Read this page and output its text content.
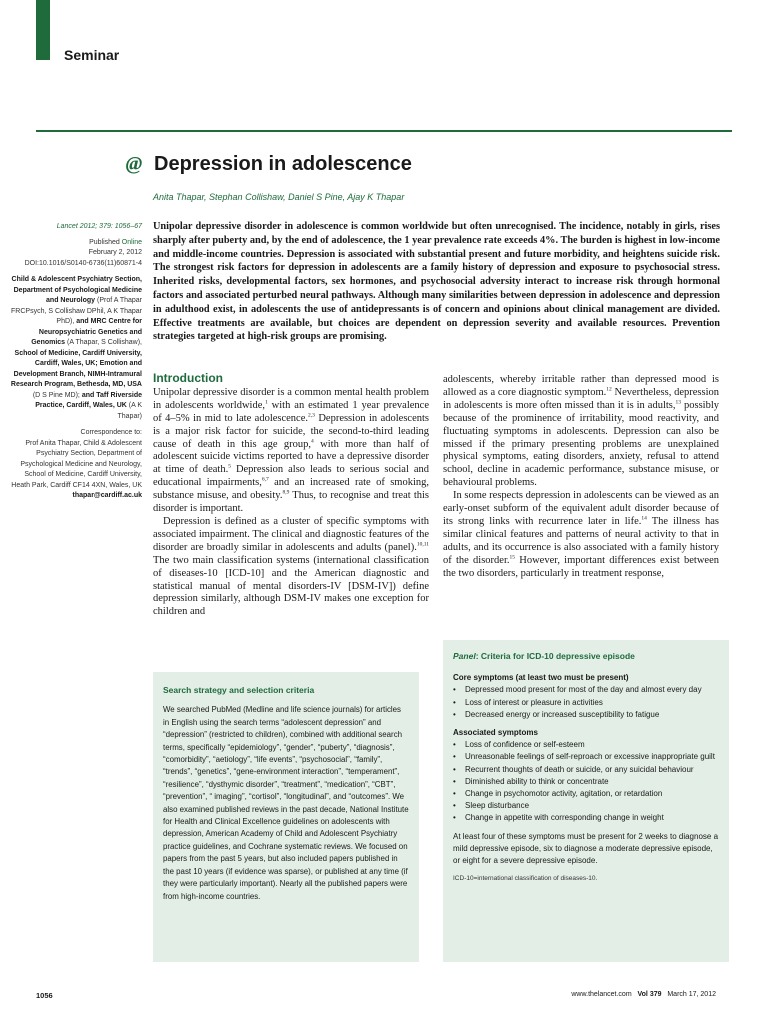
Seminar
@ Depression in adolescence
Anita Thapar, Stephan Collishaw, Daniel S Pine, Ajay K Thapar
Lancet 2012; 379: 1056–67
Published Online
February 2, 2012
DOI:10.1016/S0140-6736(11)60871-4
Child & Adolescent Psychiatry Section, Department of Psychological Medicine and Neurology (Prof A Thapar FRCPsych, S Collishaw DPhil, A K Thapar PhD), and MRC Centre for Neuropsychiatric Genetics and Genomics (A Thapar, S Collishaw), School of Medicine, Cardiff University, Cardiff, Wales, UK; Emotion and Development Branch, NIMH-Intramural Research Program, Bethesda, MD, USA (D S Pine MD); and Taff Riverside Practice, Cardiff, Wales, UK (A K Thapar)
Correspondence to:
Prof Anita Thapar, Child & Adolescent Psychiatry Section, Department of Psychological Medicine and Neurology, School of Medicine, Cardiff University, Heath Park, Cardiff CF14 4XN, Wales, UK
thapar@cardiff.ac.uk
Unipolar depressive disorder in adolescence is common worldwide but often unrecognised. The incidence, notably in girls, rises sharply after puberty and, by the end of adolescence, the 1 year prevalence rate exceeds 4%. The burden is highest in low-income and middle-income countries. Depression is associated with substantial present and future morbidity, and heightens suicide risk. The strongest risk factors for depression in adolescents are a family history of depression and exposure to psychosocial stress. Inherited risks, developmental factors, sex hormones, and psychosocial adversity interact to increase risk through hormonal factors and associated perturbed neural pathways. Although many similarities between depression in adolescence and depression in adulthood exist, in adolescents the use of antidepressants is of concern and opinions about clinical management are divided. Effective treatments are available, but choices are dependent on depression severity and available resources. Prevention strategies targeted at high-risk groups are promising.
Introduction

Unipolar depressive disorder is a common mental health problem in adolescents worldwide,$^1$ with an estimated 1 year prevalence of 4–5% in mid to late adolescence.$^{2,3}$ Depression in adolescents is a major risk factor for suicide, the second-to-third leading cause of death in this age group,$^4$ with more than half of adolescent suicide victims reported to have a depressive disorder at time of death.$^5$ Depression also leads to serious social and educational impairments,$^{6,7}$ and an increased rate of smoking, substance misuse, and obesity.$^{8,9}$ Thus, to recognise and treat this disorder is important.

Depression is defined as a cluster of specific symptoms with associated impairment. The clinical and diagnostic features of the disorder are broadly similar in adolescents and adults (panel).$^{10,11}$ The two main classification systems (international classification of diseases-10 [ICD-10] and the American diagnostic and statistical manual of mental disorders-IV [DSM-IV]) define depression similarly, although DSM-IV makes one exception for children and

adolescents, whereby irritable rather than depressed mood is allowed as a core diagnostic symptom.$^{12}$ Nevertheless, depression in adolescents is more often missed than it is in adults,$^{13}$ possibly because of the prominence of irritability, mood reactivity, and fluctuating symptoms in adolescents. Depression can also be missed if the primary presenting problems are unexplained physical symptoms, eating disorders, anxiety, refusal to attend school, decline in academic performance, substance misuse, or behavioural problems.

In some respects depression in adolescents can be viewed as an early-onset subform of the equivalent adult disorder because of its strong links with recurrence later in life.$^{14}$ The illness has similar clinical features and patterns of neural activity to that in adults, and its occurrence is also associated with a family history of the disorder.$^{15}$ However, important differences exist between the two disorders, particularly in treatment response,

Search strategy and selection criteria
We searched PubMed (Medline and life science journals) for articles in English using the search terms “adolescent depression” and “depression” (restricted to children), combined with additional search terms, specifically “epidemiology”, “gender”, “puberty”, “diagnosis”, “comorbidity”, “aetiology”, “life events”, “psychosocial”, “family”, “trends”, “genetics”, “gene-environment interaction”, “temperament”, “resilience”, “dysthymic disorder”, “treatment”, “medication”, “CBT”, “prevention”, “ imaging”, “cortisol”, “longitudinal”, and “outcomes”. We also examined published reviews in the past decade, National Institute for Health and Clinical Excellence guidelines on adolescents with depression, American Academy of Child and Adolescent Psychiatry practice guidelines, and Cochrane systematic reviews. We focused on papers from the past 5 years, but also included papers published in the past 10 years (if evidence was sparse), or published at any time (if they were particularly important). Nearly all the published papers were from high-income countries.
Panel: Criteria for ICD-10 depressive episode
Core symptoms (at least two must be present)
• Depressed mood present for most of the day and almost every day
• Loss of interest or pleasure in activities
• Decreased energy or increased susceptibility to fatigue
Associated symptoms
• Loss of confidence or self-esteem
• Unreasonable feelings of self-reproach or excessive inappropriate guilt
• Recurrent thoughts of death or suicide, or any suicidal behaviour
• Diminished ability to think or concentrate
• Change in psychomotor activity, agitation, or retardation
• Sleep disturbance
• Change in appetite with corresponding change in weight
At least four of these symptoms must be present for 2 weeks to diagnose a mild depressive episode, six to diagnose a moderate depressive episode, or eight for a severe depressive episode.
ICD-10=international classification of diseases-10.
1056	www.thelancet.com Vol 379 March 17, 2012
